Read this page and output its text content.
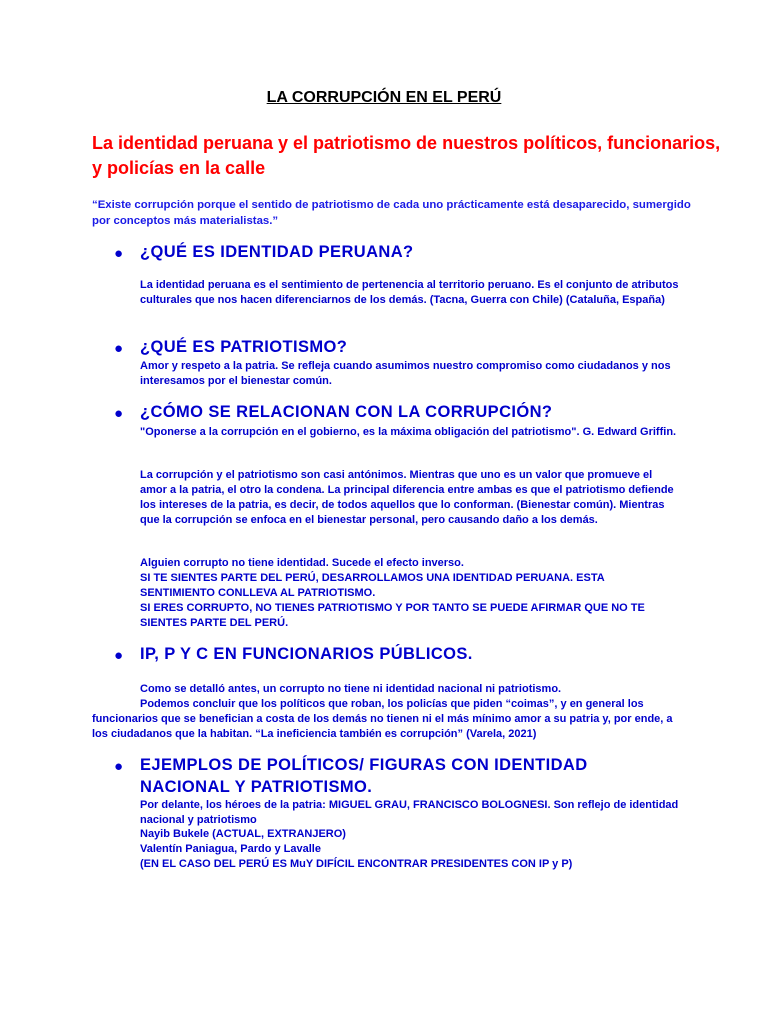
LA CORRUPCIÓN EN EL PERÚ

La identidad peruana y el patriotismo de nuestros políticos, funcionarios, y policías en la calle

“Existe corrupción porque el sentido de patriotismo de cada uno prácticamente está desaparecido, sumergido por conceptos más materialistas.”

● ¿QUÉ ES IDENTIDAD PERUANA?

La identidad peruana es el sentimiento de pertenencia al territorio peruano. Es el conjunto de atributos culturales que nos hacen diferenciarnos de los demás. (Tacna, Guerra con Chile) (Cataluña, España)

● ¿QUÉ ES PATRIOTISMO?

Amor y respeto a la patria. Se refleja cuando asumimos nuestro compromiso como ciudadanos y nos interesamos por el bienestar común.

● ¿CÓMO SE RELACIONAN CON LA CORRUPCIÓN?

"Oponerse a la corrupción en el gobierno, es la máxima obligación del patriotismo". G. Edward Griffin.

La corrupción y el patriotismo son casi antónimos. Mientras que uno es un valor que promueve el amor a la patria, el otro la condena. La principal diferencia entre ambas es que el patriotismo defiende los intereses de la patria, es decir, de todos aquellos que lo conforman. (Bienestar común). Mientras que la corrupción se enfoca en el bienestar personal, pero causando daño a los demás.

Alguien corrupto no tiene identidad. Sucede el efecto inverso.
SI TE SIENTES PARTE DEL PERÚ, DESARROLLAMOS UNA IDENTIDAD PERUANA. ESTA SENTIMIENTO CONLLEVA AL PATRIOTISMO.
SI ERES CORRUPTO, NO TIENES PATRIOTISMO Y POR TANTO SE PUEDE AFIRMAR QUE NO TE SIENTES PARTE DEL PERÚ.

● IP, P Y C EN FUNCIONARIOS PÚBLICOS.

Como se detalló antes, un corrupto no tiene ni identidad nacional ni patriotismo.
Podemos concluir que los políticos que roban, los policías que piden “coimas”, y en general los
funcionarios que se benefician a costa de los demás no tienen ni el más mínimo amor a su patria y, por ende, a los ciudadanos que la habitan. “La ineficiencia también es corrupción” (Varela, 2021)

● EJEMPLOS DE POLÍTICOS/ FIGURAS CON IDENTIDAD NACIONAL Y PATRIOTISMO.

Por delante, los héroes de la patria: MIGUEL GRAU, FRANCISCO BOLOGNESI. Son reflejo de identidad nacional y patriotismo

Nayib Bukele (ACTUAL, EXTRANJERO)
Valentín Paniagua, Pardo y Lavalle
(EN EL CASO DEL PERÚ ES MuY DIFÍCIL ENCONTRAR PRESIDENTES CON IP y P)
